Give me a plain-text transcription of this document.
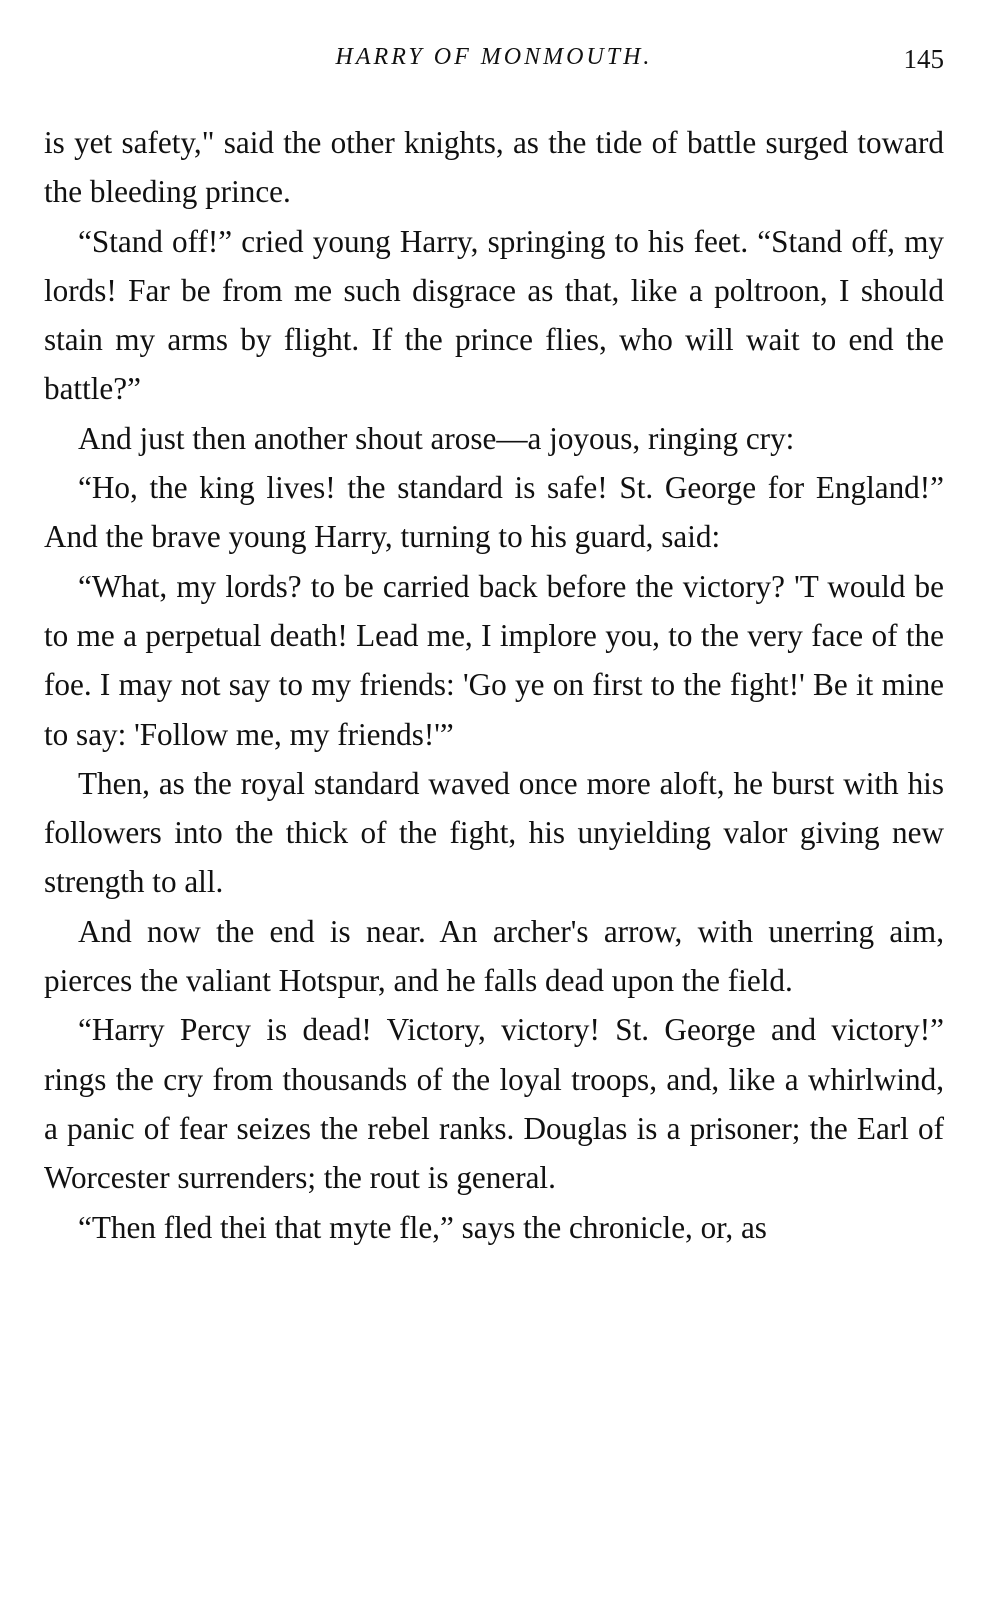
HARRY OF MONMOUTH.	145

is yet safety," said the other knights, as the tide of battle surged toward the bleeding prince.

“Stand off!” cried young Harry, springing to his feet. “Stand off, my lords! Far be from me such disgrace as that, like a poltroon, I should stain my arms by flight. If the prince flies, who will wait to end the battle?”

And just then another shout arose—a joyous, ringing cry:

“Ho, the king lives! the standard is safe! St. George for England!” And the brave young Harry, turning to his guard, said:

“What, my lords? to be carried back before the victory? 'T would be to me a perpetual death! Lead me, I implore you, to the very face of the foe. I may not say to my friends: 'Go ye on first to the fight!' Be it mine to say: 'Follow me, my friends!'”

Then, as the royal standard waved once more aloft, he burst with his followers into the thick of the fight, his unyielding valor giving new strength to all.

And now the end is near. An archer's arrow, with unerring aim, pierces the valiant Hotspur, and he falls dead upon the field.

“Harry Percy is dead! Victory, victory! St. George and victory!” rings the cry from thousands of the loyal troops, and, like a whirlwind, a panic of fear seizes the rebel ranks. Douglas is a prisoner; the Earl of Worcester surrenders; the rout is general.

“Then fled thei that myte fle,” says the chronicle, or, as
